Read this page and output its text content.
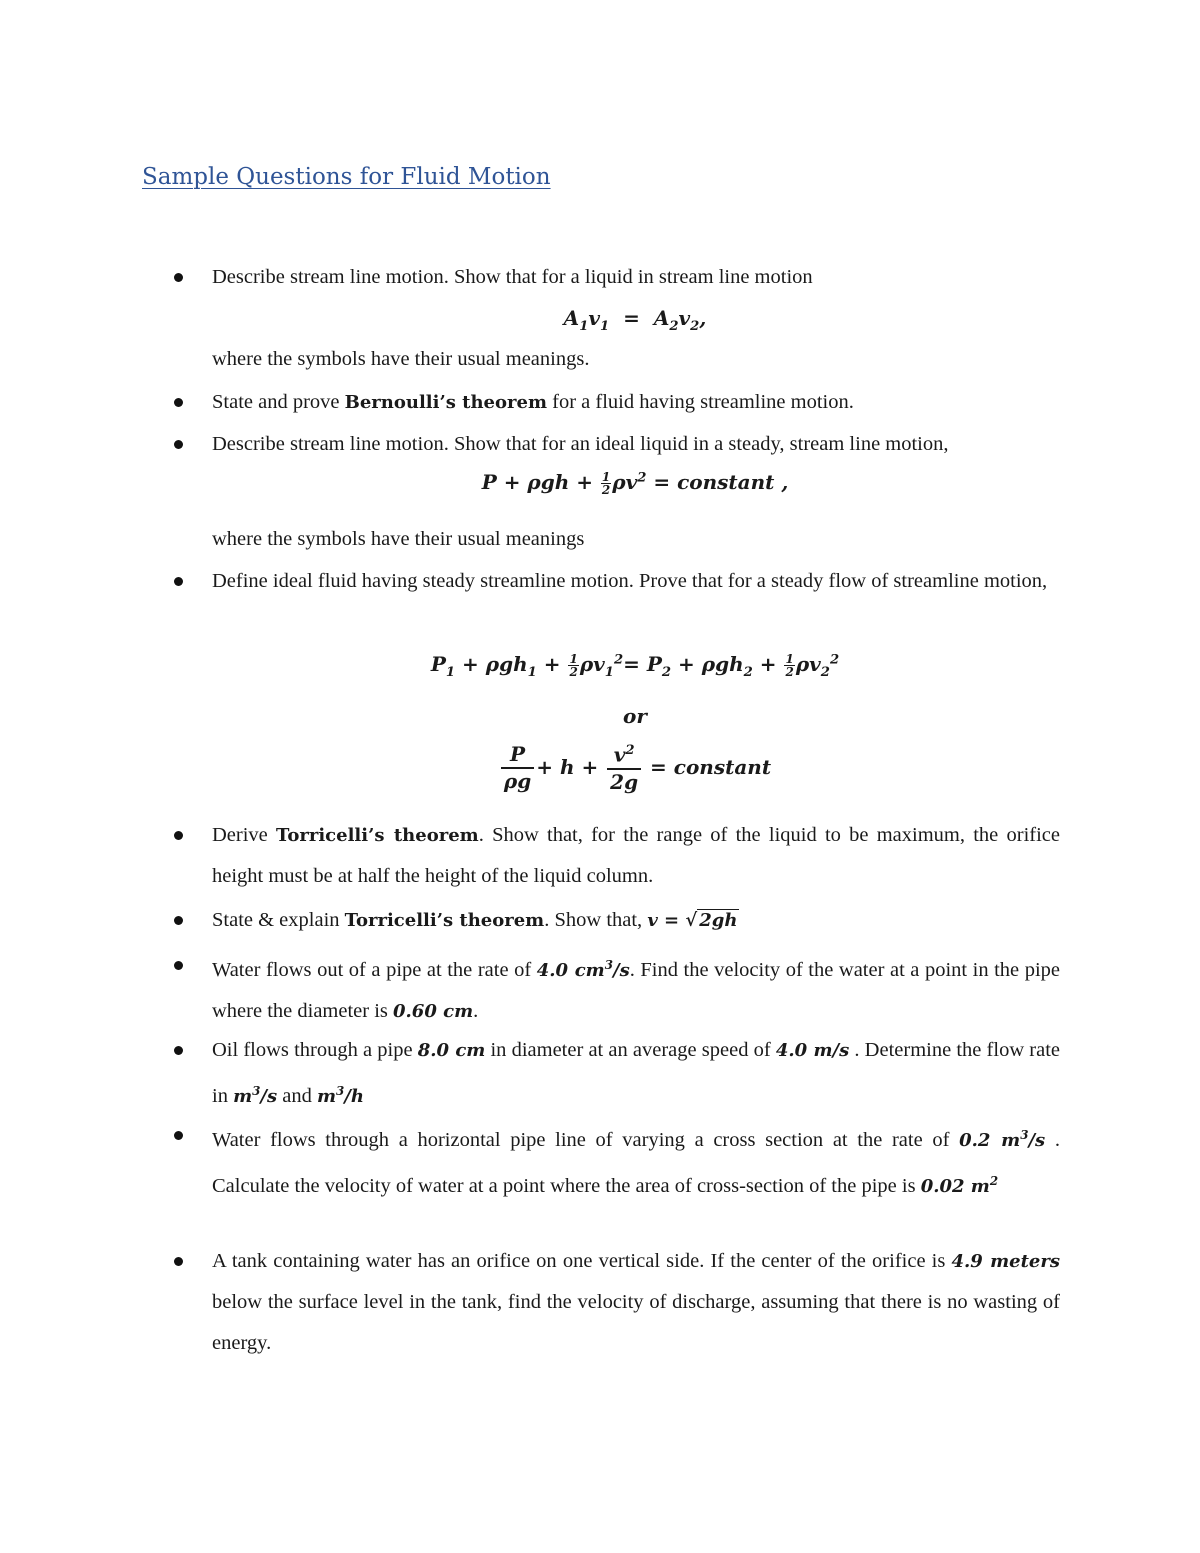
Sample Questions for Fluid Motion
Describe stream line motion. Show that for a liquid in stream line motion
$A_1v_1 = A_2v_2$,
where the symbols have their usual meanings.
State and prove Bernoulli’s theorem for a fluid having streamline motion.
Describe stream line motion. Show that for an ideal liquid in a steady, stream line motion,
$P + \rho gh + \frac{1}{2} \rho v^2$ = constant ,
where the symbols have their usual meanings
Define ideal fluid having steady streamline motion. Prove that for a steady flow of streamline motion,
$P_1 + \rho gh_1 + \frac{1}{2} \rho v_1^2= P_2 + \rho gh_2 + \frac{1}{2} \rho v_2^2$
or
$\frac{P}{\rho g} + h + \frac{v^2}{2g}$ = constant
Derive Torricelli’s theorem. Show that, for the range of the liquid to be maximum, the orifice height must be at half the height of the liquid column.
State & explain Torricelli’s theorem. Show that, v = √ 2gh
Water flows out of a pipe at the rate of 4.0 $cm^3/s$. Find the velocity of the water at a point in the pipe where the diameter is 0.60 cm.
Oil flows through a pipe 8.0 cm in diameter at an average speed of 4.0 m/s . Determine the flow rate in $m^3/s$ and $m^3/h$
Water flows through a horizontal pipe line of varying a cross section at the rate of 0.2 $m^3/s$ . Calculate the velocity of water at a point where the area of cross-section of the pipe is 0.02 $m^2$
A tank containing water has an orifice on one vertical side. If the center of the orifice is 4.9 meters below the surface level in the tank, find the velocity of discharge, assuming that there is no wasting of energy.
